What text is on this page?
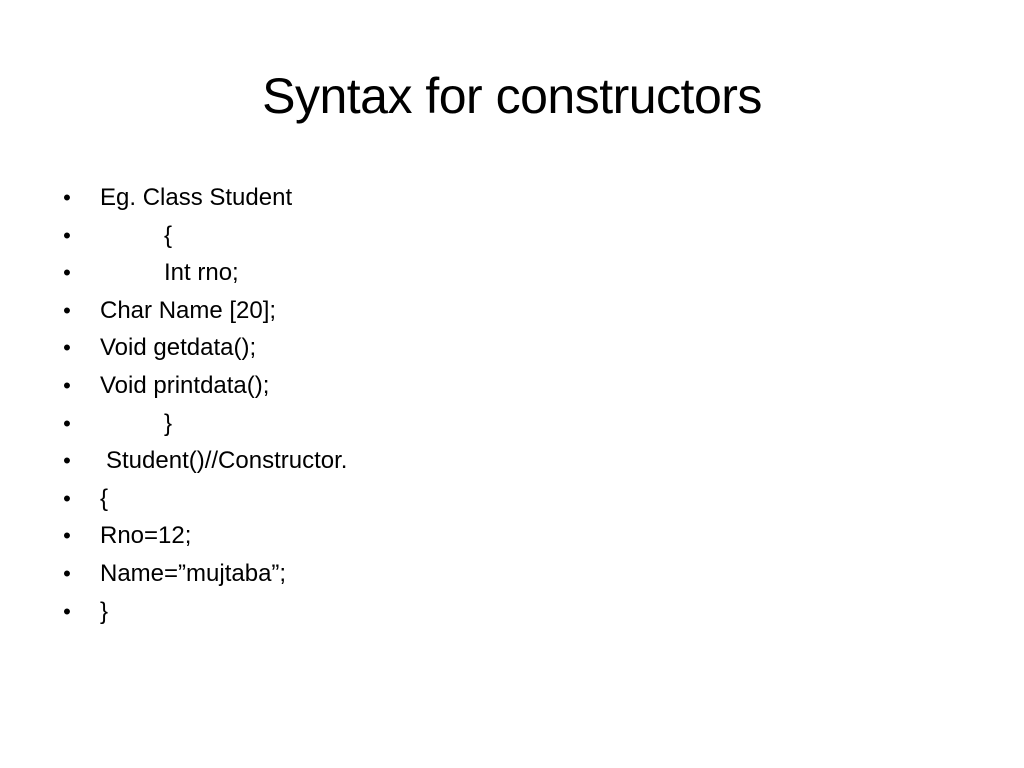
Syntax for constructors

•

Eg. Class Student

•

	{

•

	Int rno;

•

Char Name [20];

•

Void getdata();

•

Void printdata();

•

	}

•

Student()//Constructor.

•

{

•

Rno=12;

•

Name=”mujtaba”;

•

}
